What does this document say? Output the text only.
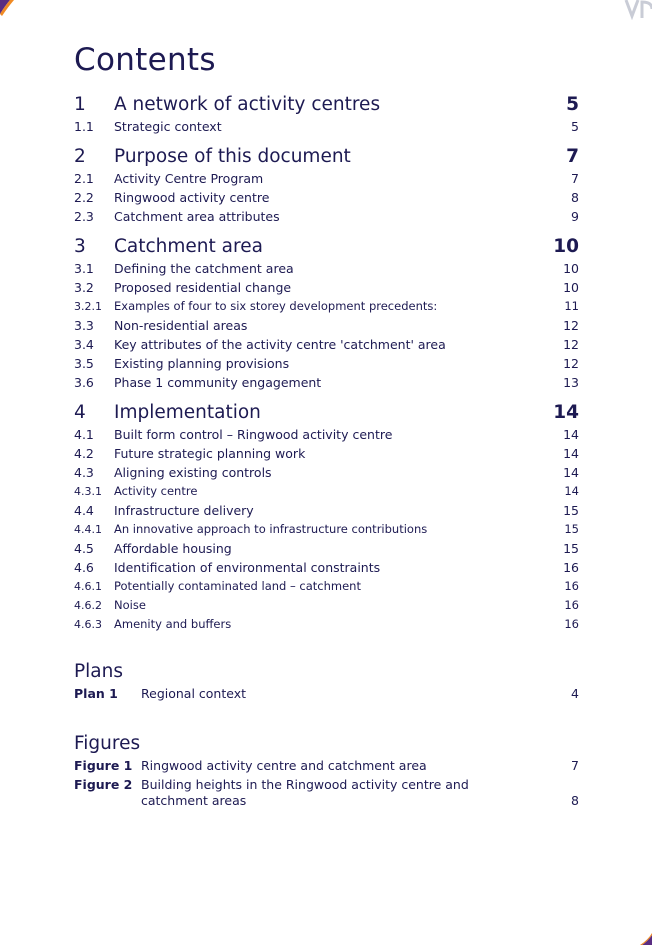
Contents
1 A network of activity centres	5
1.1 Strategic context	5
2 Purpose of this document	7
2.1 Activity Centre Program	7
2.2 Ringwood activity centre	8
2.3 Catchment area attributes	9
3 Catchment area	10
3.1 Defining the catchment area	10
3.2 Proposed residential change	10
3.2.1 Examples of four to six storey development precedents:	11
3.3 Non-residential areas	12
3.4 Key attributes of the activity centre 'catchment' area	12
3.5 Existing planning provisions	12
3.6 Phase 1 community engagement	13
4 Implementation	14
4.1 Built form control – Ringwood activity centre	14
4.2 Future strategic planning work	14
4.3 Aligning existing controls	14
4.3.1 Activity centre	14
4.4 Infrastructure delivery	15
4.4.1 An innovative approach to infrastructure contributions	15
4.5 Affordable housing	15
4.6 Identification of environmental constraints	16
4.6.1 Potentially contaminated land – catchment	16
4.6.2 Noise	16
4.6.3 Amenity and buffers	16
Plans
Plan 1 Regional context	4
Figures
Figure 1 Ringwood activity centre and catchment area	7
Figure 2 Building heights in the Ringwood activity centre and catchment areas	8
